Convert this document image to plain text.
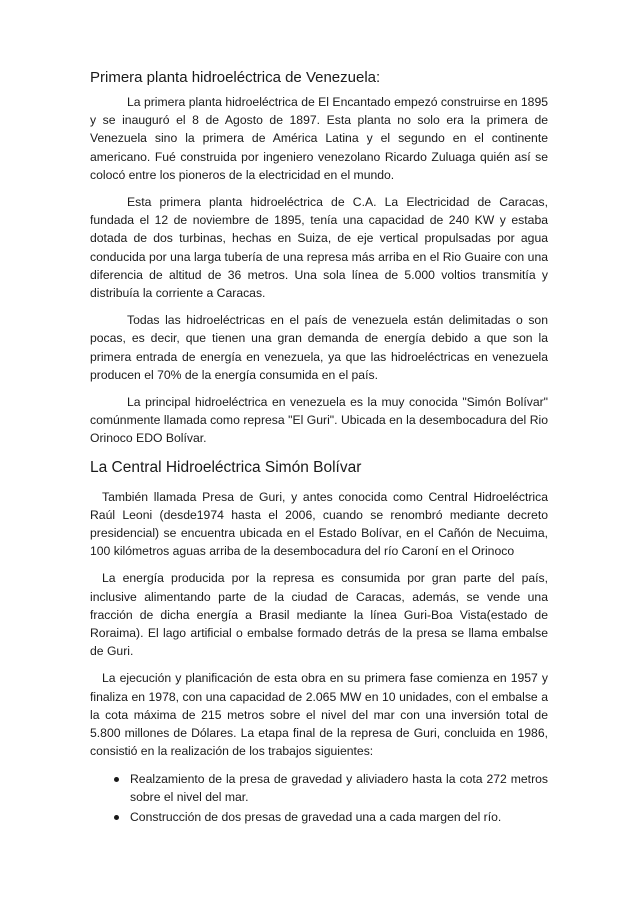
Primera planta hidroeléctrica de Venezuela:

La primera planta hidroeléctrica de El Encantado empezó construirse en 1895 y se inauguró el 8 de Agosto de 1897. Esta planta no solo era la primera de Venezuela sino la primera de América Latina y el segundo en el continente americano. Fué construida por ingeniero venezolano Ricardo Zuluaga quién así se colocó entre los pioneros de la electricidad en el mundo.

Esta primera planta hidroeléctrica de C.A. La Electricidad de Caracas, fundada el 12 de noviembre de 1895, tenía una capacidad de 240 KW y estaba dotada de dos turbinas, hechas en Suiza, de eje vertical propulsadas por agua conducida por una larga tubería de una represa más arriba en el Rio Guaire con una diferencia de altitud de 36 metros. Una sola línea de 5.000 voltios transmitía y distribuía la corriente a Caracas.

Todas las hidroeléctricas en el país de venezuela están delimitadas o son pocas, es decir, que tienen una gran demanda de energía debido a que son la primera entrada de energía en venezuela, ya que las hidroeléctricas en venezuela producen el 70% de la energía consumida en el país.

La principal hidroeléctrica en venezuela es la muy conocida "Simón Bolívar" comúnmente llamada como represa "El Guri". Ubicada en la desembocadura del Rio Orinoco EDO Bolívar.

La Central Hidroeléctrica Simón Bolívar

También llamada Presa de Guri, y antes conocida como Central Hidroeléctrica Raúl Leoni (desde1974 hasta el 2006, cuando se renombró mediante decreto presidencial) se encuentra ubicada en el Estado Bolívar, en el Cañón de Necuima, 100 kilómetros aguas arriba de la desembocadura del río Caroní en el Orinoco

La energía producida por la represa es consumida por gran parte del país, inclusive alimentando parte de la ciudad de Caracas, además, se vende una fracción de dicha energía a Brasil mediante la línea Guri-Boa Vista(estado de Roraima). El lago artificial o embalse formado detrás de la presa se llama embalse de Guri.

La ejecución y planificación de esta obra en su primera fase comienza en 1957 y finaliza en 1978, con una capacidad de 2.065 MW en 10 unidades, con el embalse a la cota máxima de 215 metros sobre el nivel del mar con una inversión total de 5.800 millones de Dólares. La etapa final de la represa de Guri, concluida en 1986, consistió en la realización de los trabajos siguientes:

Realzamiento de la presa de gravedad y aliviadero hasta la cota 272 metros sobre el nivel del mar.
Construcción de dos presas de gravedad una a cada margen del río.
